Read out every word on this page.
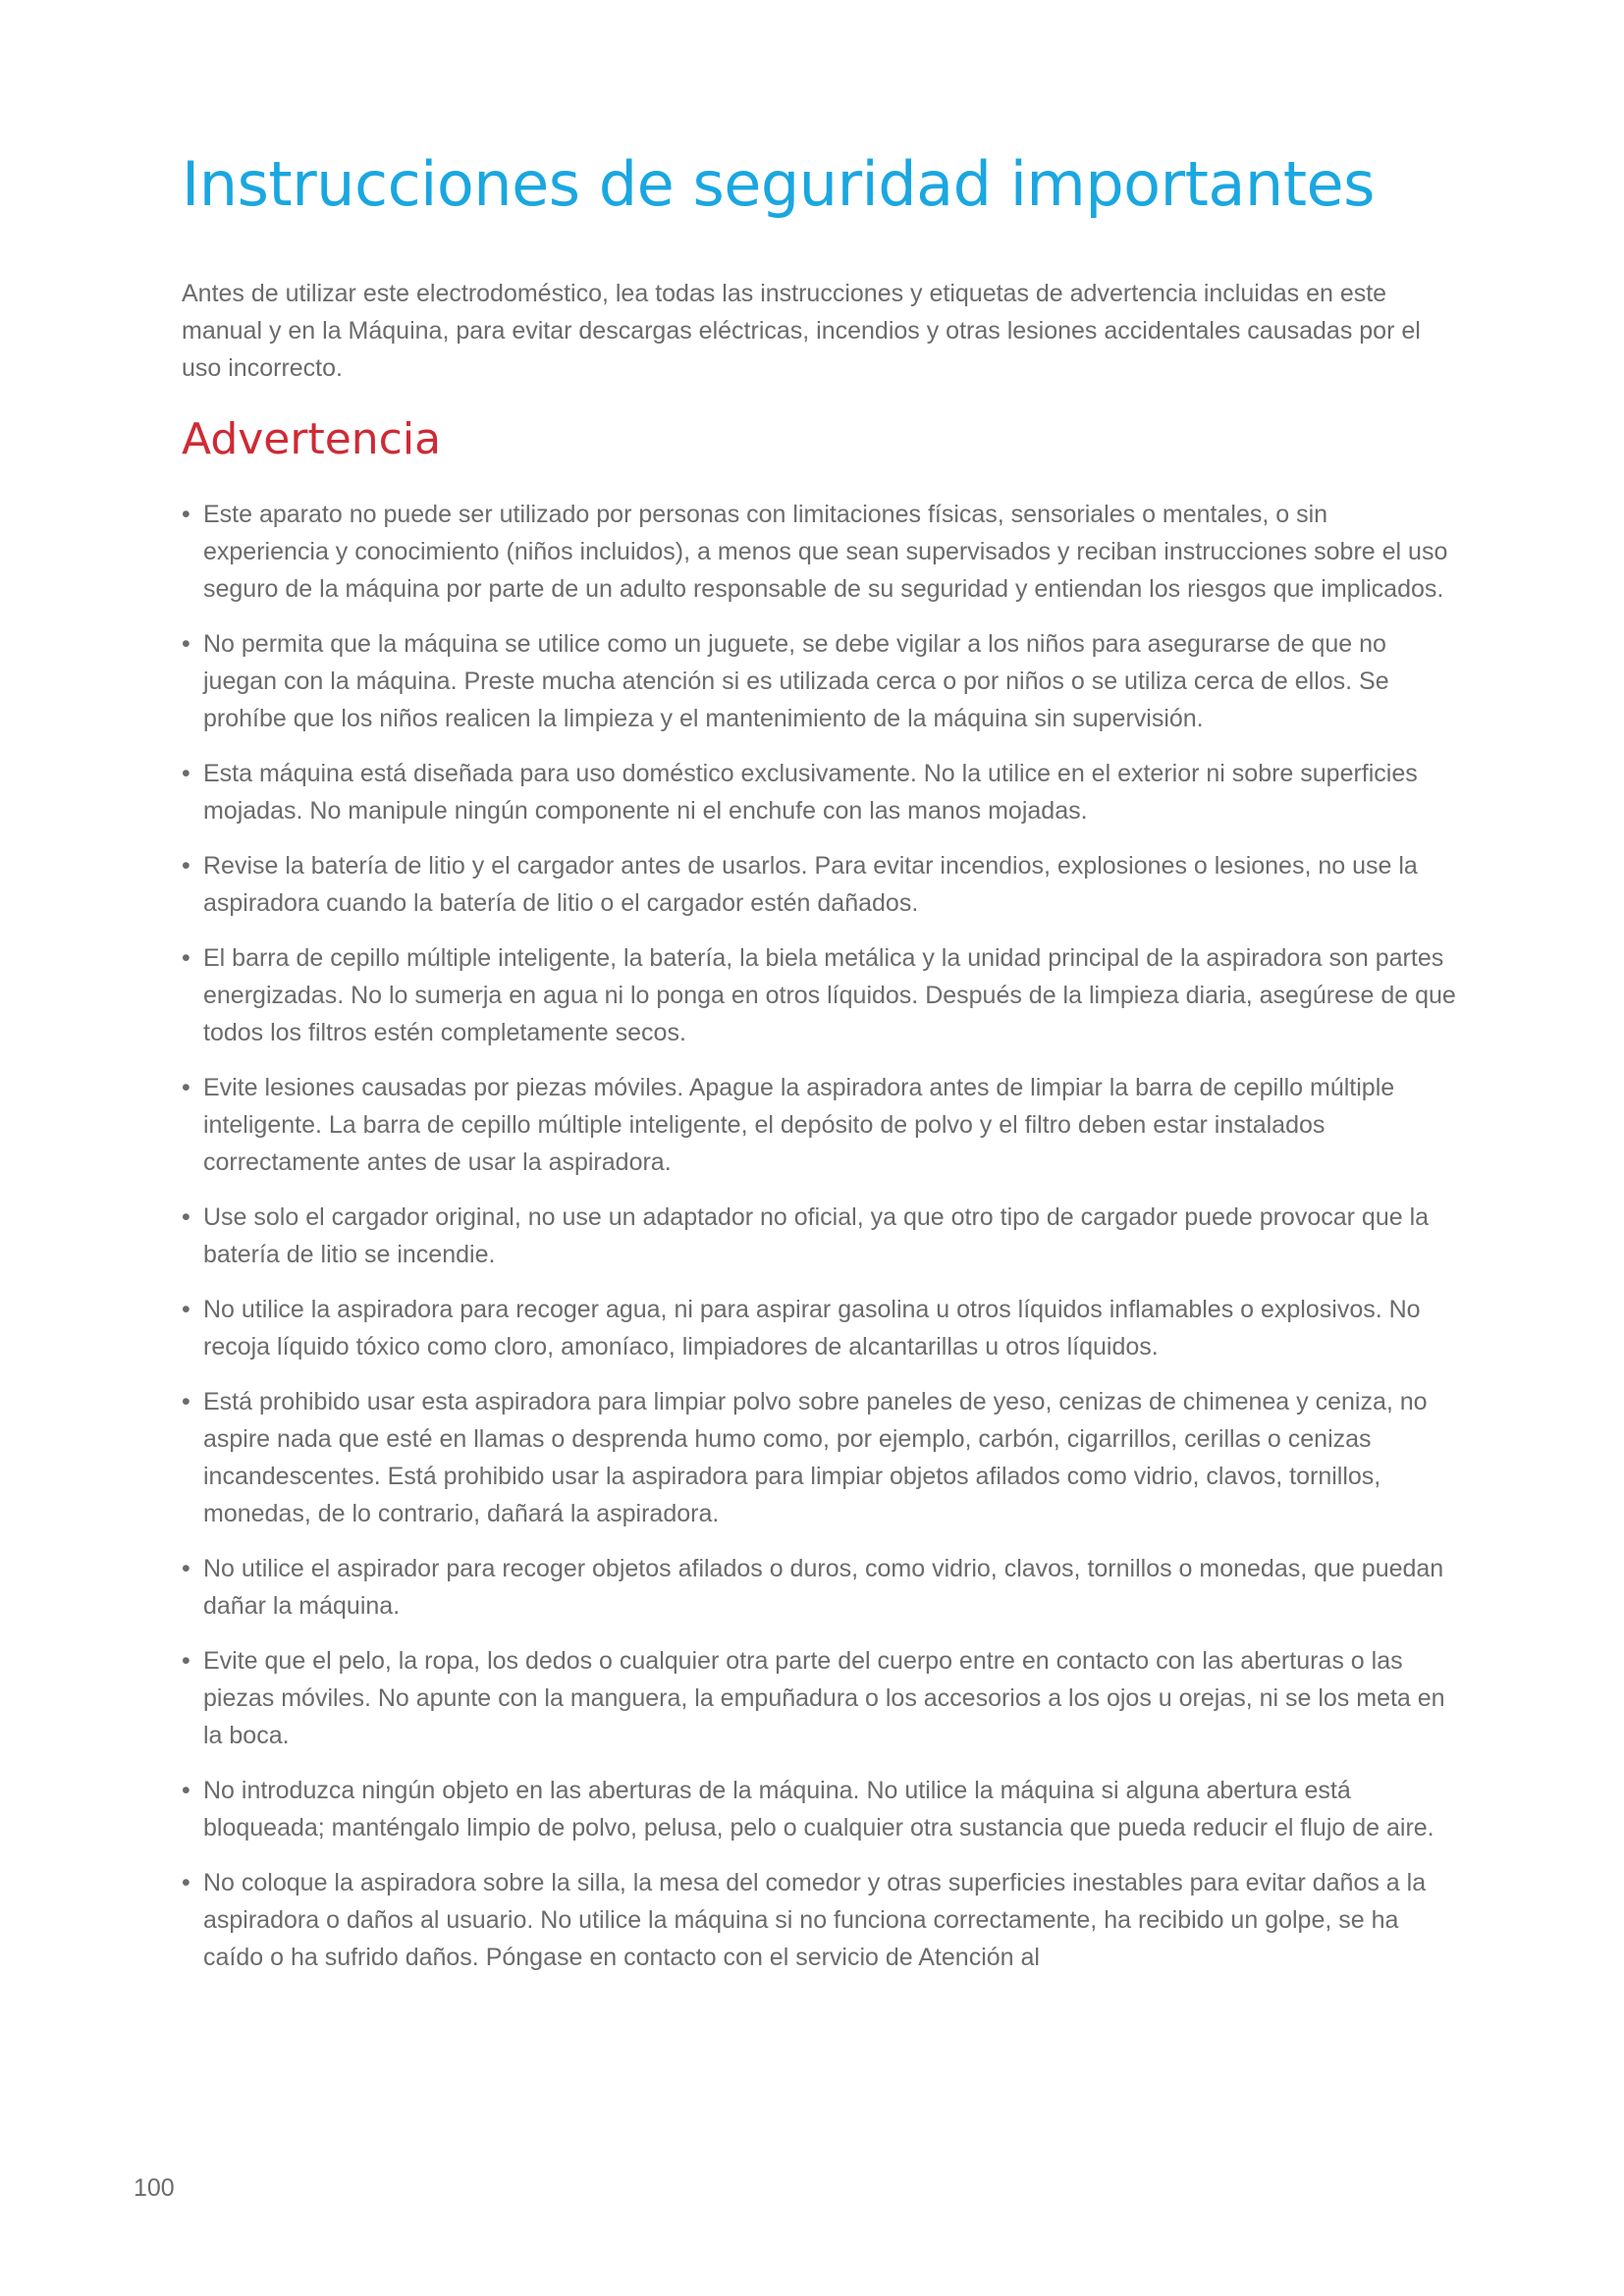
Instrucciones de seguridad importantes

Antes de utilizar este electrodoméstico, lea todas las instrucciones y etiquetas de advertencia incluidas en este manual y en la Máquina, para evitar descargas eléctricas, incendios y otras lesiones accidentales causadas por el uso incorrecto.

Advertencia
• Este aparato no puede ser utilizado por personas con limitaciones físicas, sensoriales o mentales, o sin experiencia y conocimiento (niños incluidos), a menos que sean supervisados y reciban instrucciones sobre el uso seguro de la máquina por parte de un adulto responsable de su seguridad y entiendan los riesgos que implicados.
• No permita que la máquina se utilice como un juguete, se debe vigilar a los niños para asegurarse de que no juegan con la máquina. Preste mucha atención si es utilizada cerca o por niños o se utiliza cerca de ellos. Se prohíbe que los niños realicen la limpieza y el mantenimiento de la máquina sin supervisión.
• Esta máquina está diseñada para uso doméstico exclusivamente. No la utilice en el exterior ni sobre superficies mojadas. No manipule ningún componente ni el enchufe con las manos mojadas.
• Revise la batería de litio y el cargador antes de usarlos. Para evitar incendios, explosiones o lesiones, no use la aspiradora cuando la batería de litio o el cargador estén dañados.
• El barra de cepillo múltiple inteligente, la batería, la biela metálica y la unidad principal de la aspiradora son partes energizadas. No lo sumerja en agua ni lo ponga en otros líquidos. Después de la limpieza diaria, asegúrese de que todos los filtros estén completamente secos.
• Evite lesiones causadas por piezas móviles. Apague la aspiradora antes de limpiar la barra de cepillo múltiple inteligente. La barra de cepillo múltiple inteligente, el depósito de polvo y el filtro deben estar instalados correctamente antes de usar la aspiradora.
• Use solo el cargador original, no use un adaptador no oficial, ya que otro tipo de cargador puede provocar que la batería de litio se incendie.
• No utilice la aspiradora para recoger agua, ni para aspirar gasolina u otros líquidos inflamables o explosivos. No recoja líquido tóxico como cloro, amoníaco, limpiadores de alcantarillas u otros líquidos.
• Está prohibido usar esta aspiradora para limpiar polvo sobre paneles de yeso, cenizas de chimenea y ceniza, no aspire nada que esté en llamas o desprenda humo como, por ejemplo, carbón, cigarrillos, cerillas o cenizas incandescentes. Está prohibido usar la aspiradora para limpiar objetos afilados como vidrio, clavos, tornillos, monedas, de lo contrario, dañará la aspiradora.
• No utilice el aspirador para recoger objetos afilados o duros, como vidrio, clavos, tornillos o monedas, que puedan dañar la máquina.
• Evite que el pelo, la ropa, los dedos o cualquier otra parte del cuerpo entre en contacto con las aberturas o las piezas móviles. No apunte con la manguera, la empuñadura o los accesorios a los ojos u orejas, ni se los meta en la boca.
• No introduzca ningún objeto en las aberturas de la máquina. No utilice la máquina si alguna abertura está bloqueada; manténgalo limpio de polvo, pelusa, pelo o cualquier otra sustancia que pueda reducir el flujo de aire.
• No coloque la aspiradora sobre la silla, la mesa del comedor y otras superficies inestables para evitar daños a la aspiradora o daños al usuario. No utilice la máquina si no funciona correctamente, ha recibido un golpe, se ha caído o ha sufrido daños. Póngase en contacto con el servicio de Atención al
100
